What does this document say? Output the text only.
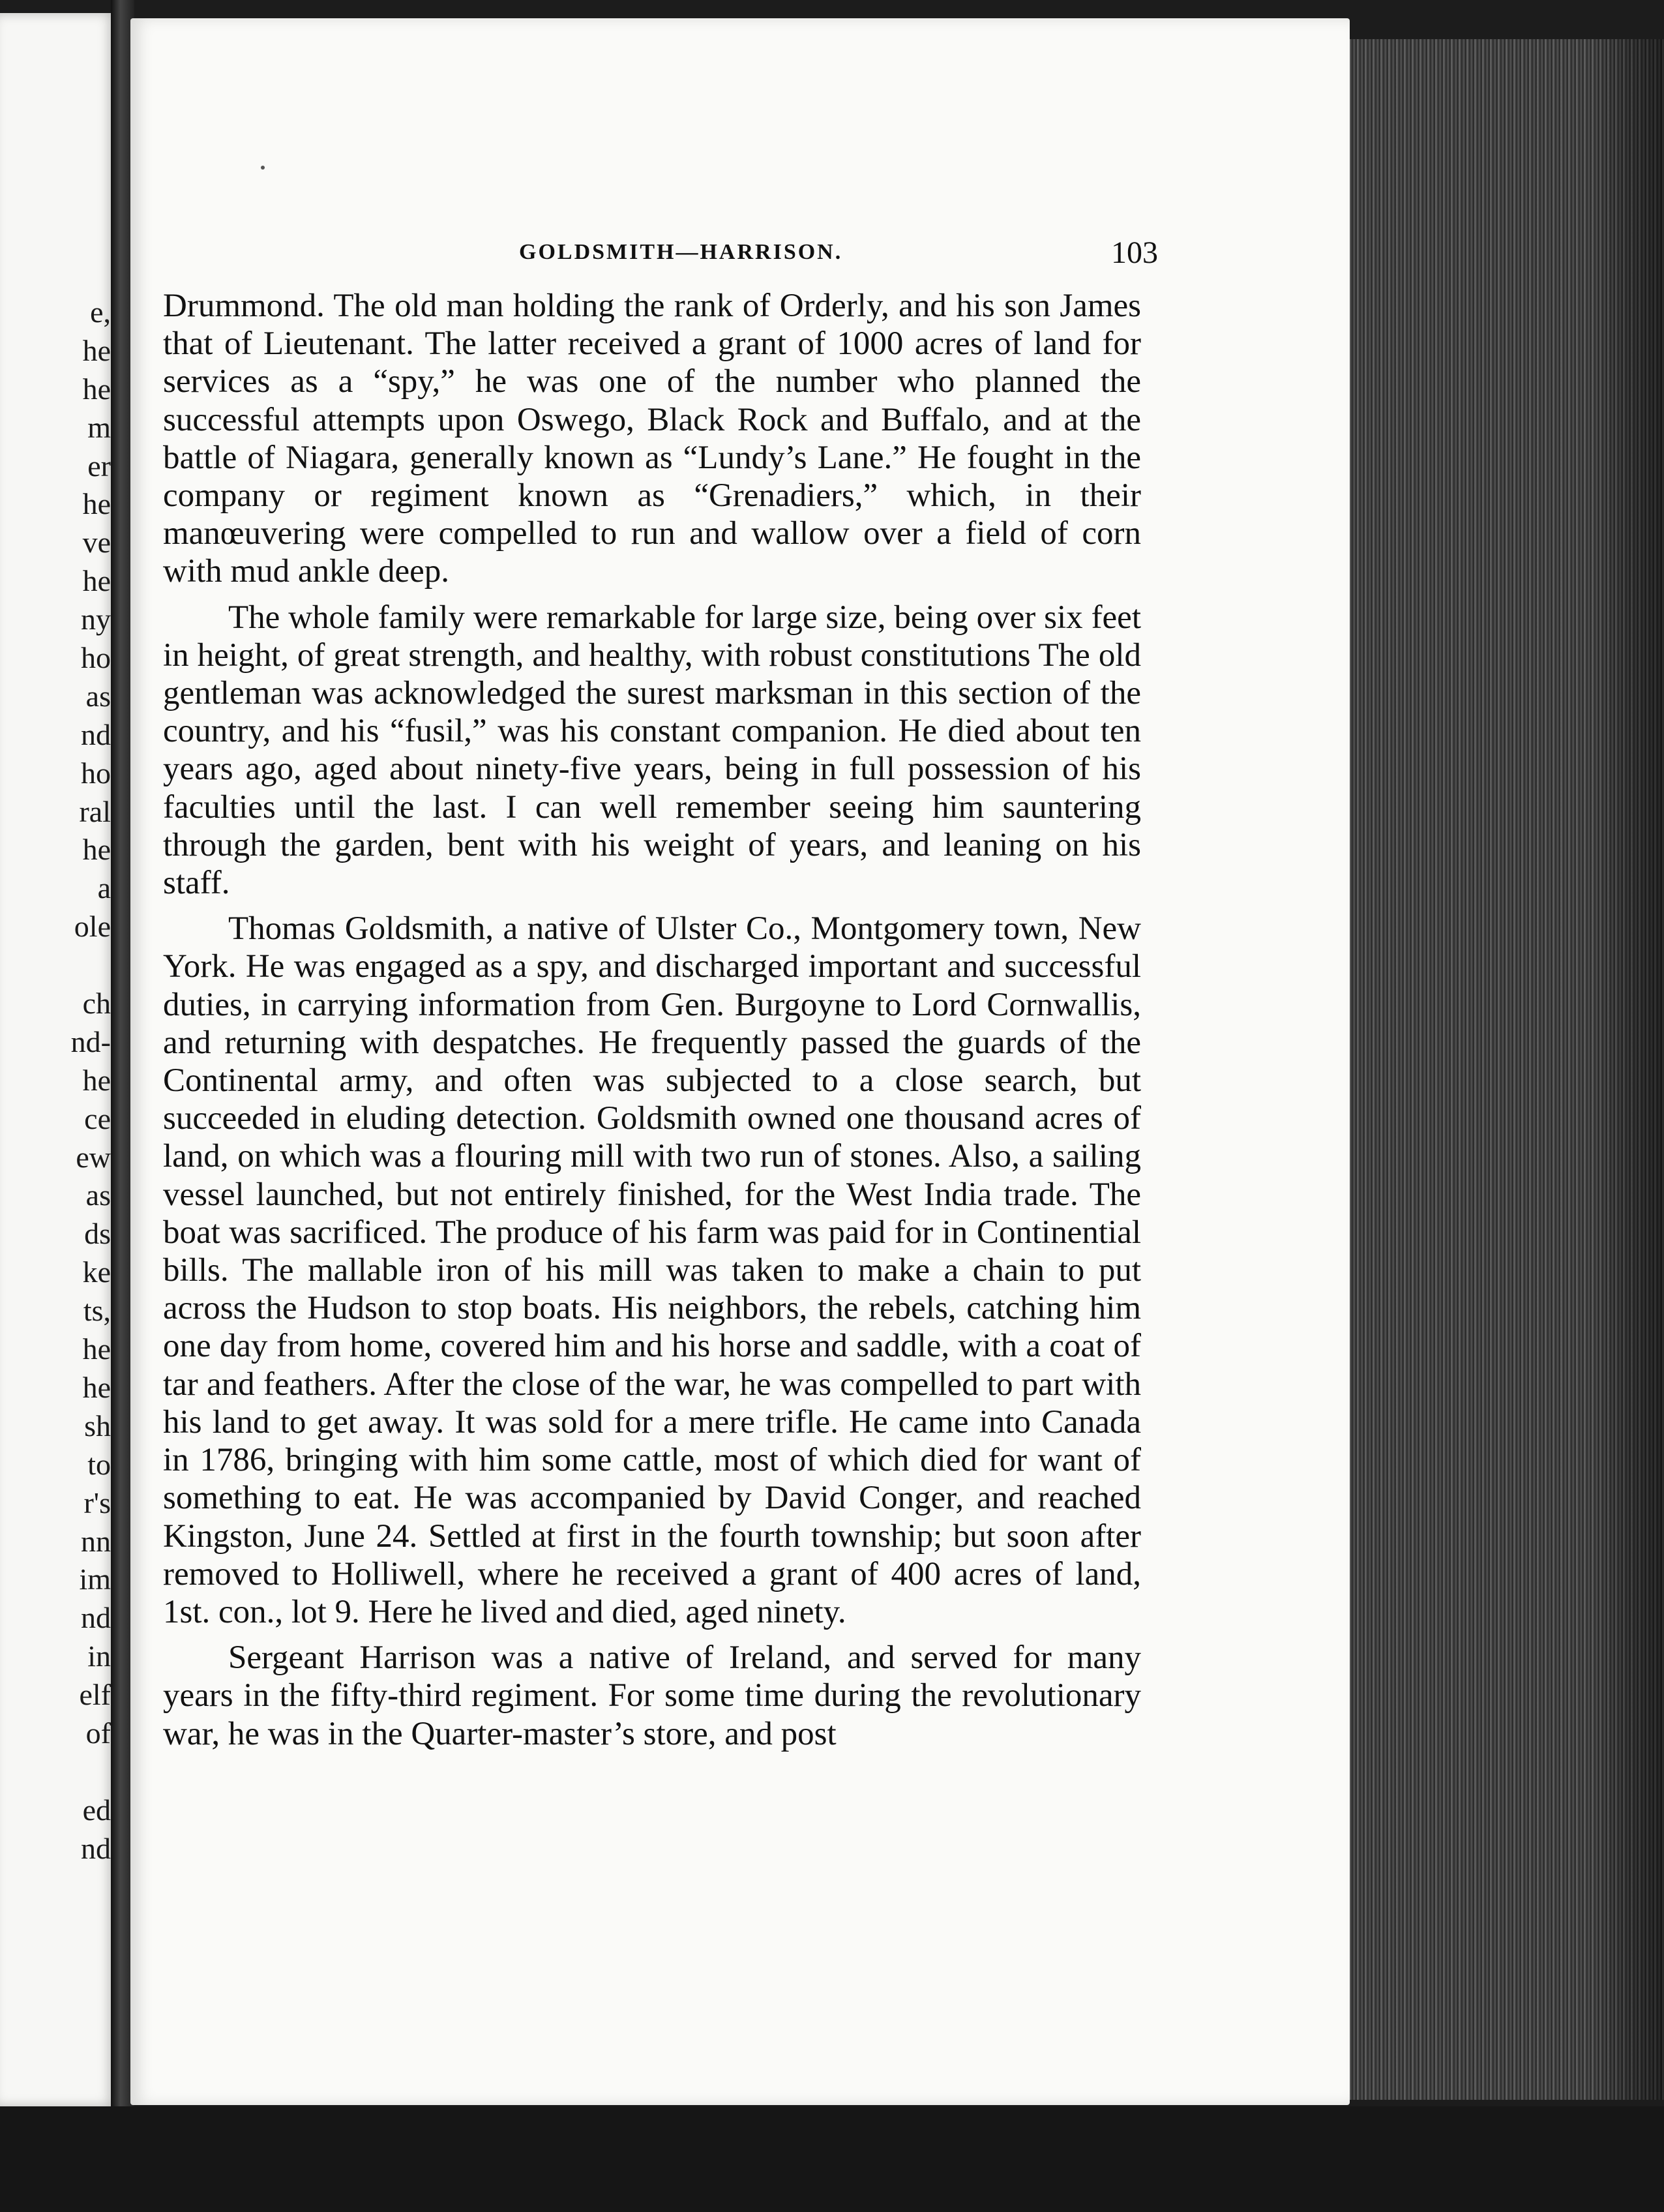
e,
he
he
m
er
he
ve
he
ny
ho
as
nd
ho
ral
he
a
ole
ch
nd-
he
ce
ew
as
ds
ke
ts,
he
he
sh
to
r's
nn
im
nd
in
elf
of
ed
nd
GOLDSMITH—HARRISON.	103

Drummond. The old man holding the rank of Orderly, and his son James that of Lieutenant. The latter received a grant of 1000 acres of land for services as a “spy,” he was one of the number who planned the successful attempts upon Oswego, Black Rock and Buffalo, and at the battle of Niagara, generally known as “Lundy’s Lane.” He fought in the company or regiment known as “Grenadiers,” which, in their manœuvering were compelled to run and wallow over a field of corn with mud ankle deep.

The whole family were remarkable for large size, being over six feet in height, of great strength, and healthy, with robust constitutions The old gentleman was acknowledged the surest marksman in this section of the country, and his “fusil,” was his constant companion. He died about ten years ago, aged about ninety-five years, being in full possession of his faculties until the last. I can well remember seeing him sauntering through the garden, bent with his weight of years, and leaning on his staff.

Thomas Goldsmith, a native of Ulster Co., Montgomery town, New York. He was engaged as a spy, and discharged important and successful duties, in carrying information from Gen. Burgoyne to Lord Cornwallis, and returning with despatches. He frequently passed the guards of the Continental army, and often was subjected to a close search, but succeeded in eluding detection. Goldsmith owned one thousand acres of land, on which was a flouring mill with two run of stones. Also, a sailing vessel launched, but not entirely finished, for the West India trade. The boat was sacrificed. The produce of his farm was paid for in Continential bills. The mallable iron of his mill was taken to make a chain to put across the Hudson to stop boats. His neighbors, the rebels, catching him one day from home, covered him and his horse and saddle, with a coat of tar and feathers. After the close of the war, he was compelled to part with his land to get away. It was sold for a mere trifle. He came into Canada in 1786, bringing with him some cattle, most of which died for want of something to eat. He was accompanied by David Conger, and reached Kingston, June 24. Settled at first in the fourth township; but soon after removed to Holliwell, where he received a grant of 400 acres of land, 1st. con., lot 9. Here he lived and died, aged ninety.

Sergeant Harrison was a native of Ireland, and served for many years in the fifty-third regiment. For some time during the revolutionary war, he was in the Quarter-master’s store, and post
